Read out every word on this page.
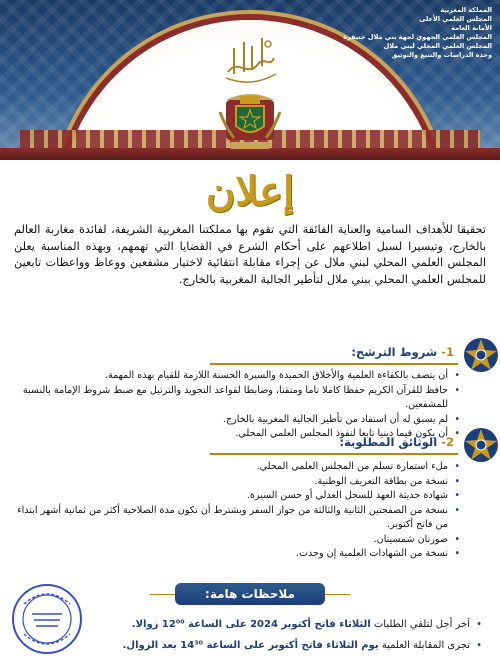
المملكة المغربية
المجلس العلمي الأعلى
الأمانة العامة
المجلس العلمي الجهوي لجهة بني ملال خنيفرة
المجلس العلمي المحلي لبني ملال
وحدة الدراسات والتتبع والتوثيق
إعلان
تحقيقا للأهداف السامية والعناية الفائقة التي تقوم بها مملكتنا المغربية الشريفة، لفائدة مغاربة العالم بالخارج، وتيسيرا لسبل اطلاعهم على أحكام الشرع في القضايا التي تهمهم، وبهذه المناسبة يعلن المجلس العلمي المحلي لبني ملال عن إجراء مقابلة انتقائية لاختيار مشفعين ووعاظ وواعظات تابعين للمجلس العلمي المحلي ببني ملال لتأطير الجالية المغربية بالخارج.
1- شروط الترشح:
• أن يتصف بالكفاءة العلمية والأخلاق الحميدة والسيرة الحسنة اللازمة للقيام بهذه المهمة.
• حافظ للقرآن الكريم حفظا كاملا تاما ومتقنا، وضابطا لقواعد التجويد والترتيل مع ضبط شروط الإمامة بالنسبة للمشفعين.
• لم يسبق له أن استفاد من تأطير الجالية المغربية بالخارج.
• أن يكون قيما دينيا تابعا لنفوذ المجلس العلمي المحلي.
2- الوثائق المطلوبة:
• ملء استمارة تسلم من المجلس العلمي المحلي.
• نسخة من بطاقة التعريف الوطنية.
• شهادة حديثة العهد للسجل العدلي أو حسن السيرة.
• نسخة من الصفحتين الثانية والثالثة من جواز السفر ويشترط أن تكون مدة الصلاحية أكثر من ثمانية أشهر ابتداء من فاتح أكتوبر.
• صورتان شمسيتان.
• نسخة من الشهادات العلمية إن وجدت.
ملاحظات هامة:
• آخر أجل لتلقي الطلبات الثلاثاء فاتح أكتوبر 2024 على الساعة 12⁰⁰ زوالا.
• تجرى المقابلة العلمية يوم الثلاثاء فاتح أكتوبر على الساعة 14³⁰ بعد الزوال.
